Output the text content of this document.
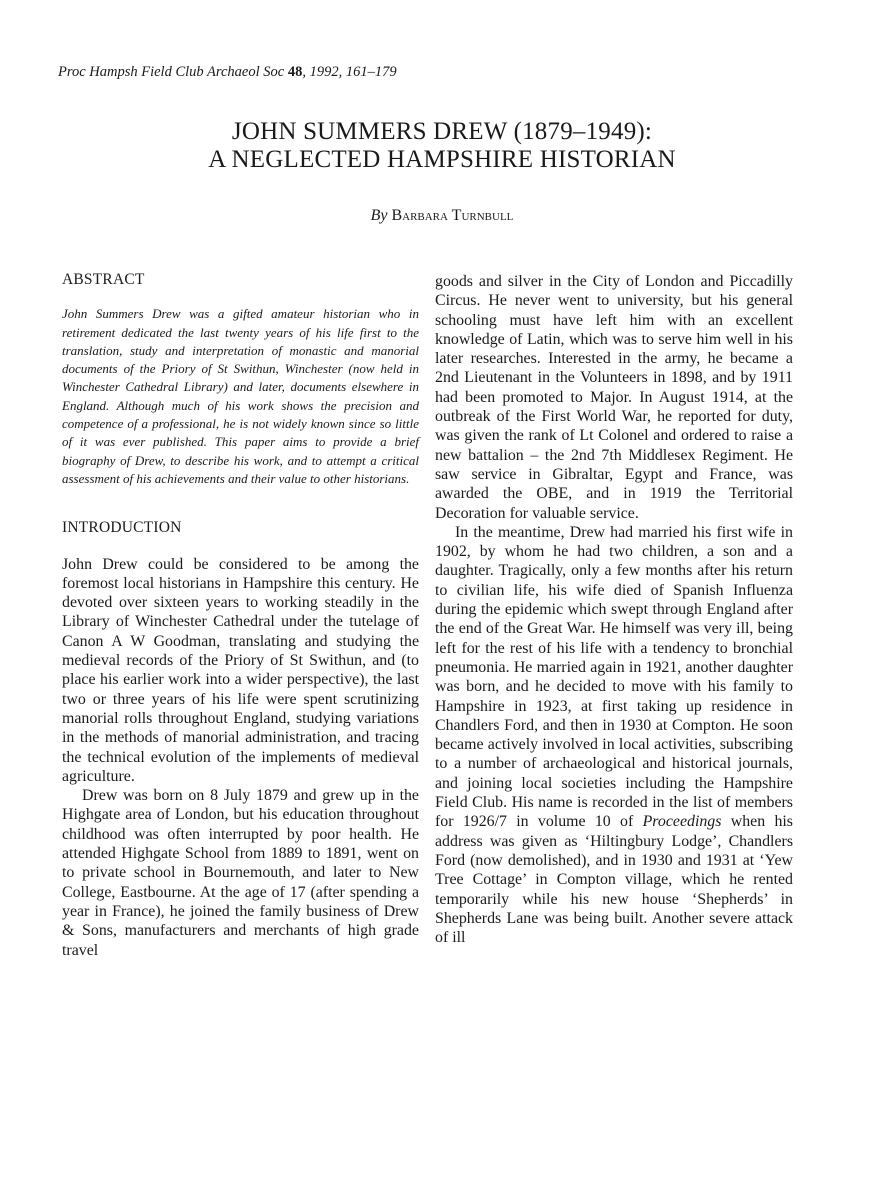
Proc Hampsh Field Club Archaeol Soc 48, 1992, 161–179
JOHN SUMMERS DREW (1879–1949):
A NEGLECTED HAMPSHIRE HISTORIAN
By Barbara Turnbull
ABSTRACT

John Summers Drew was a gifted amateur historian who in retirement dedicated the last twenty years of his life first to the translation, study and interpretation of monastic and manorial documents of the Priory of St Swithun, Winchester (now held in Winchester Cathedral Library) and later, documents elsewhere in England. Although much of his work shows the precision and competence of a professional, he is not widely known since so little of it was ever published. This paper aims to provide a brief biography of Drew, to describe his work, and to attempt a critical assessment of his achievements and their value to other historians.

INTRODUCTION

John Drew could be considered to be among the foremost local historians in Hampshire this century. He devoted over sixteen years to working steadily in the Library of Winchester Cathedral under the tutelage of Canon A W Goodman, translating and studying the medieval records of the Priory of St Swithun, and (to place his earlier work into a wider perspective), the last two or three years of his life were spent scrutinizing manorial rolls throughout England, studying variations in the methods of manorial administration, and tracing the technical evolution of the implements of medieval agriculture.

Drew was born on 8 July 1879 and grew up in the Highgate area of London, but his education throughout childhood was often interrupted by poor health. He attended Highgate School from 1889 to 1891, went on to private school in Bournemouth, and later to New College, Eastbourne. At the age of 17 (after spending a year in France), he joined the family business of Drew & Sons, manufacturers and merchants of high grade travel

goods and silver in the City of London and Piccadilly Circus. He never went to university, but his general schooling must have left him with an excellent knowledge of Latin, which was to serve him well in his later researches. Interested in the army, he became a 2nd Lieutenant in the Volunteers in 1898, and by 1911 had been promoted to Major. In August 1914, at the outbreak of the First World War, he reported for duty, was given the rank of Lt Colonel and ordered to raise a new battalion – the 2nd 7th Middlesex Regiment. He saw service in Gibraltar, Egypt and France, was awarded the OBE, and in 1919 the Territorial Decoration for valuable service.

In the meantime, Drew had married his first wife in 1902, by whom he had two children, a son and a daughter. Tragically, only a few months after his return to civilian life, his wife died of Spanish Influenza during the epidemic which swept through England after the end of the Great War. He himself was very ill, being left for the rest of his life with a tendency to bronchial pneumonia. He married again in 1921, another daughter was born, and he decided to move with his family to Hampshire in 1923, at first taking up residence in Chandlers Ford, and then in 1930 at Compton. He soon became actively involved in local activities, subscribing to a number of archaeological and historical journals, and joining local societies including the Hampshire Field Club. His name is recorded in the list of members for 1926/7 in volume 10 of Proceedings when his address was given as ‘Hiltingbury Lodge’, Chandlers Ford (now demolished), and in 1930 and 1931 at ‘Yew Tree Cottage’ in Compton village, which he rented temporarily while his new house ‘Shepherds’ in Shepherds Lane was being built. Another severe attack of ill
